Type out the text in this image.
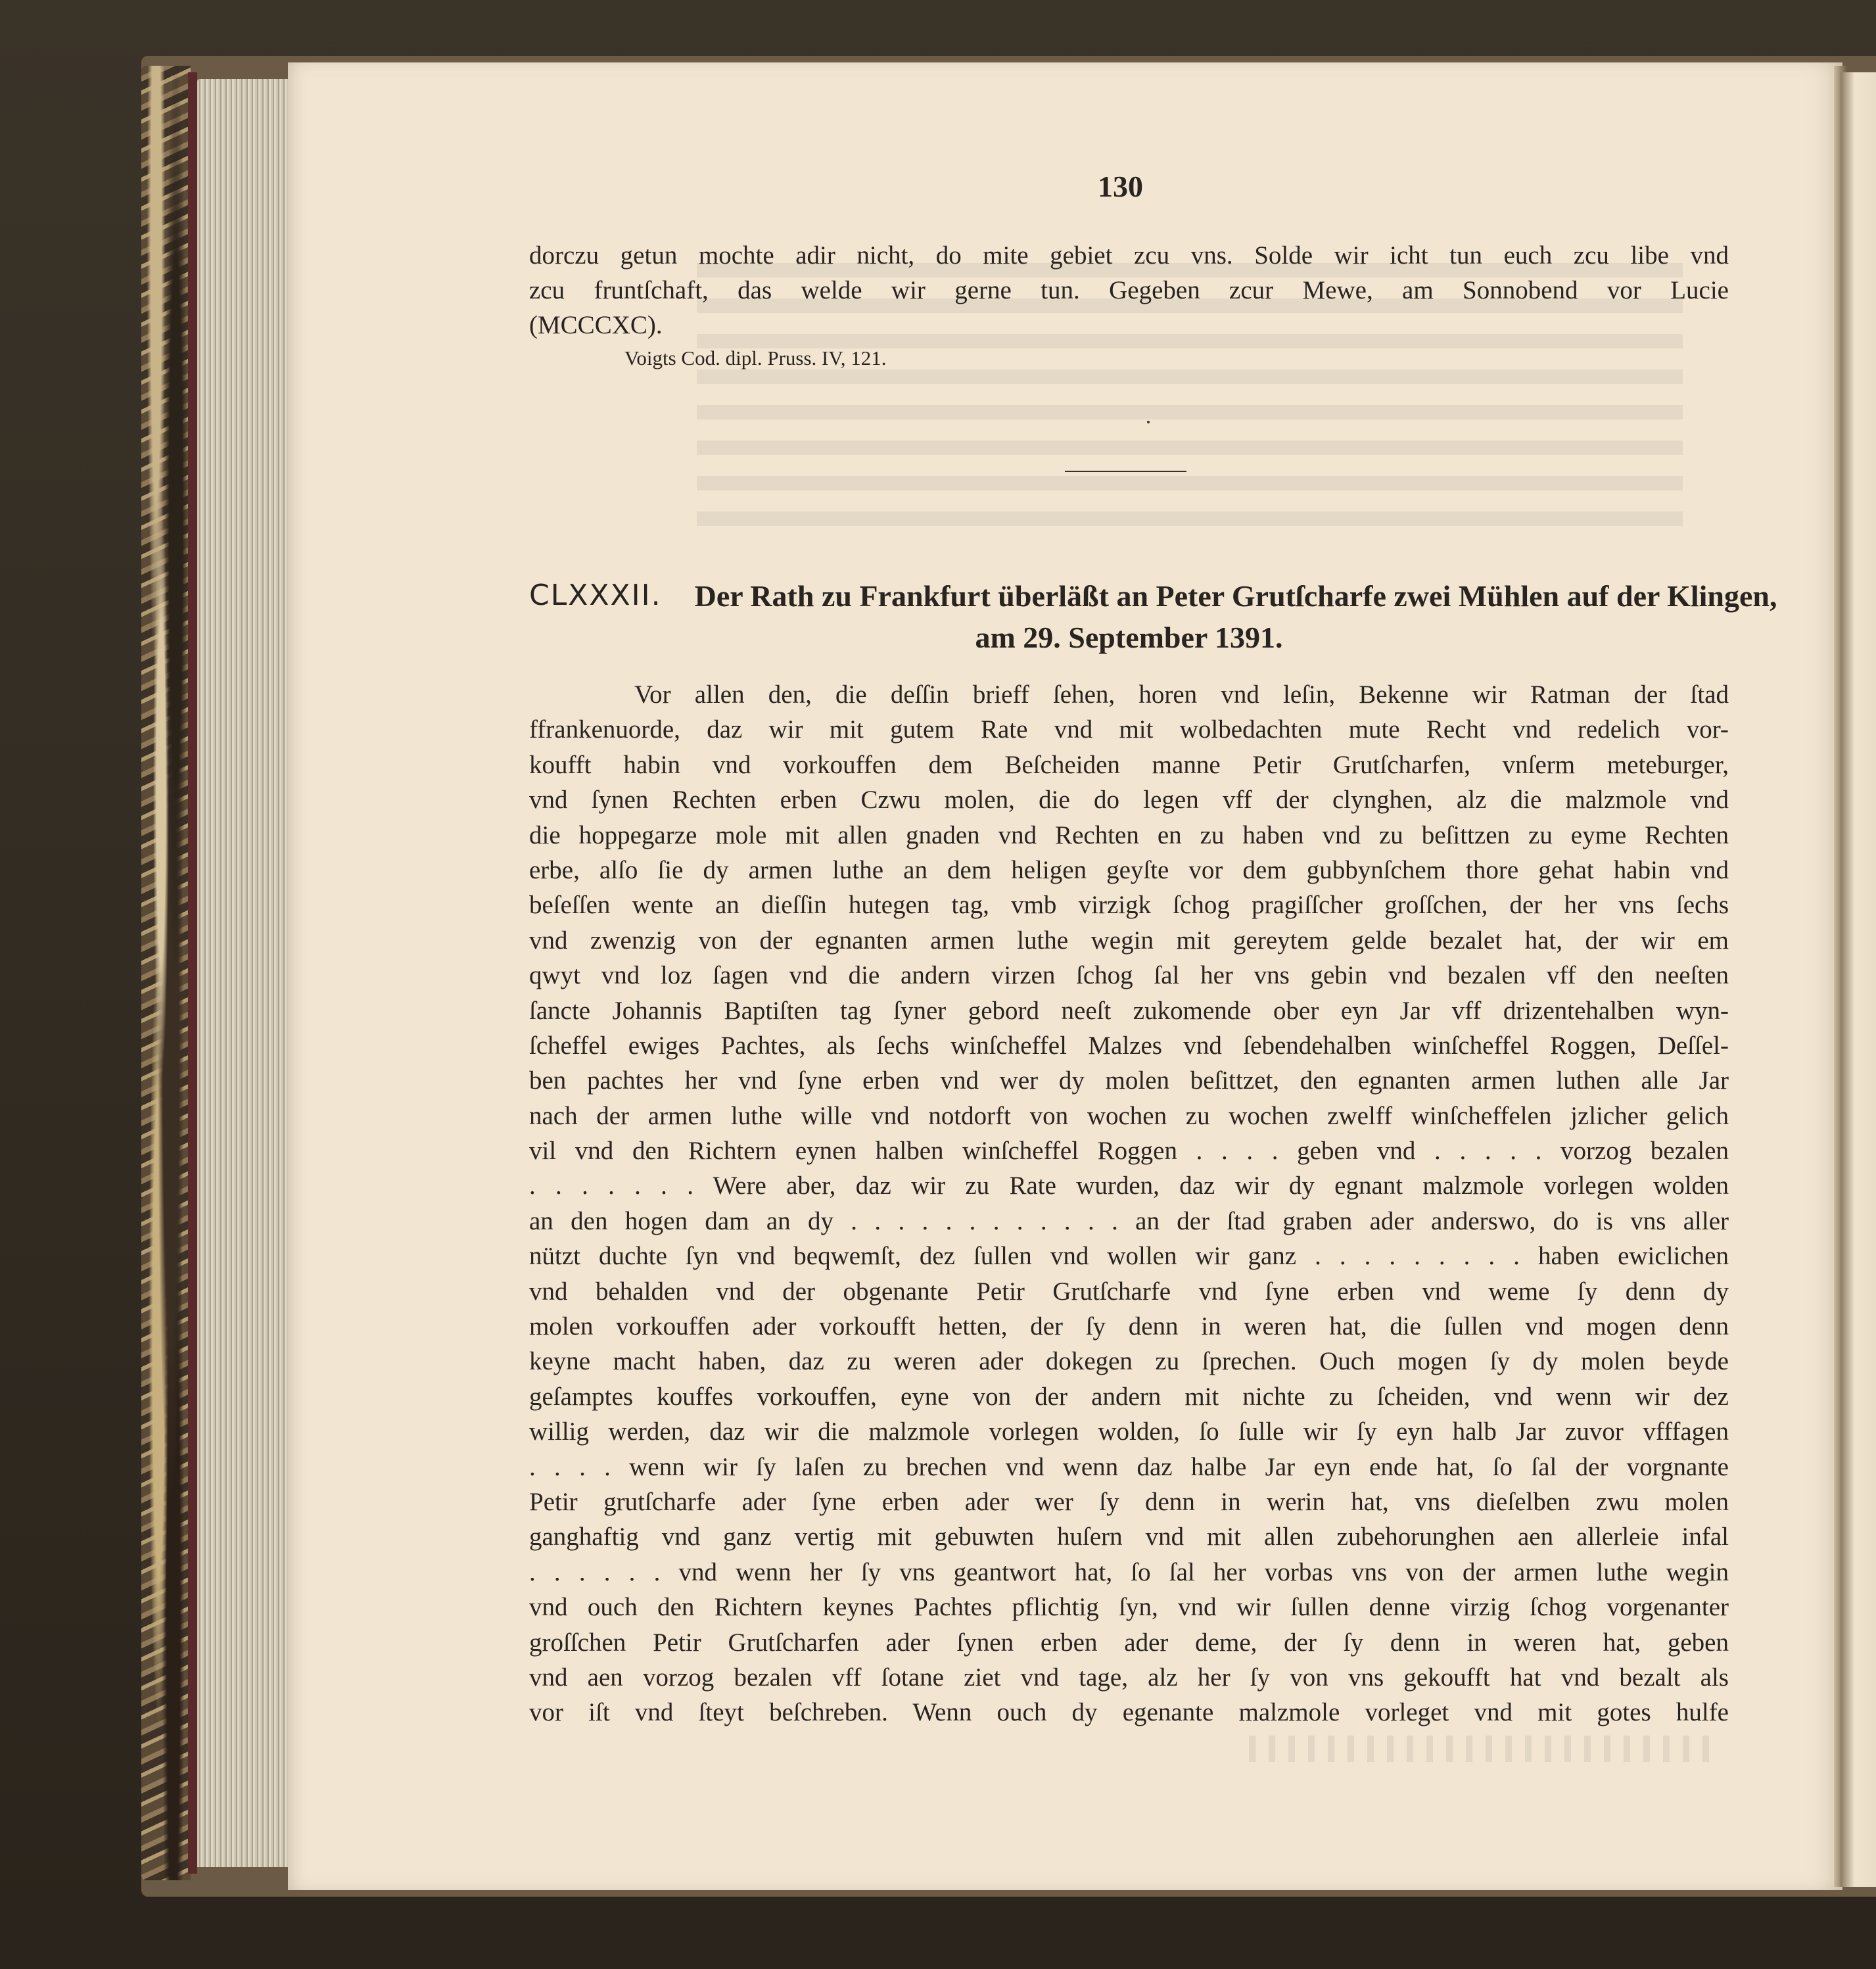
130
dorczu getun mochte adir nicht, do mite gebiet zcu vns. Solde wir icht tun euch zcu libe vnd
zcu fruntſchaft, das welde wir gerne tun. Gegeben zcur Mewe, am Sonnobend vor Lucie
(MCCCXC).
Voigts Cod. dipl. Pruss. IV, 121.
CLXXXII. Der Rath zu Frankfurt überläßt an Peter Grutſcharfe zwei Mühlen auf der Klingen,
am 29. September 1391.
Vor allen den, die deſſin brieff ſehen, horen vnd leſin, Bekenne wir Ratman der ſtad
ffrankenuorde, daz wir mit gutem Rate vnd mit wolbedachten mute Recht vnd redelich vor-
koufft habin vnd vorkouffen dem Beſcheiden manne Petir Grutſcharfen, vnſerm meteburger,
vnd ſynen Rechten erben Czwu molen, die do legen vff der clynghen, alz die malzmole vnd
die hoppegarze mole mit allen gnaden vnd Rechten en zu haben vnd zu beſittzen zu eyme Rechten
erbe, alſo ſie dy armen luthe an dem heligen geyſte vor dem gubbynſchem thore gehat habin vnd
beſeſſen wente an dieſſin hutegen tag, vmb virzigk ſchog pragiſſcher groſſchen, der her vns ſechs
vnd zwenzig von der egnanten armen luthe wegin mit gereytem gelde bezalet hat, der wir em
qwyt vnd loz ſagen vnd die andern virzen ſchog ſal her vns gebin vnd bezalen vff den neeſten
ſancte Johannis Baptiſten tag ſyner gebord neeſt zukomende ober eyn Jar vff drizentehalben wyn-
ſcheffel ewiges Pachtes, als ſechs winſcheffel Malzes vnd ſebendehalben winſcheffel Roggen, Deſſel-
ben pachtes her vnd ſyne erben vnd wer dy molen beſittzet, den egnanten armen luthen alle Jar
nach der armen luthe wille vnd notdorft von wochen zu wochen zwelff winſcheffelen jzlicher gelich
vil vnd den Richtern eynen halben winſcheffel Roggen . . . . geben vnd . . . . . vorzog bezalen
. . . . . . . Were aber, daz wir zu Rate wurden, daz wir dy egnant malzmole vorlegen wolden
an den hogen dam an dy . . . . . . . . . . . . an der ſtad graben ader anderswo, do is vns aller
nützt duchte ſyn vnd beqwemſt, dez ſullen vnd wollen wir ganz . . . . . . . . . haben ewiclichen
vnd behalden vnd der obgenante Petir Grutſcharfe vnd ſyne erben vnd weme ſy denn dy
molen vorkouffen ader vorkoufft hetten, der ſy denn in weren hat, die ſullen vnd mogen denn
keyne macht haben, daz zu weren ader dokegen zu ſprechen. Ouch mogen ſy dy molen beyde
geſamptes kouffes vorkouffen, eyne von der andern mit nichte zu ſcheiden, vnd wenn wir dez
willig werden, daz wir die malzmole vorlegen wolden, ſo ſulle wir ſy eyn halb Jar zuvor vfffagen
. . . . wenn wir ſy laſen zu brechen vnd wenn daz halbe Jar eyn ende hat, ſo ſal der vorgnante
Petir grutſcharfe ader ſyne erben ader wer ſy denn in werin hat, vns dieſelben zwu molen
ganghaftig vnd ganz vertig mit gebuwten huſern vnd mit allen zubehorunghen aen allerleie infal
. . . . . . vnd wenn her ſy vns geantwort hat, ſo ſal her vorbas vns von der armen luthe wegin
vnd ouch den Richtern keynes Pachtes pflichtig ſyn, vnd wir ſullen denne virzig ſchog vorgenanter
groſſchen Petir Grutſcharfen ader ſynen erben ader deme, der ſy denn in weren hat, geben
vnd aen vorzog bezalen vff ſotane ziet vnd tage, alz her ſy von vns gekoufft hat vnd bezalt als
vor iſt vnd ſteyt beſchreben. Wenn ouch dy egenante malzmole vorleget vnd mit gotes hulfe
